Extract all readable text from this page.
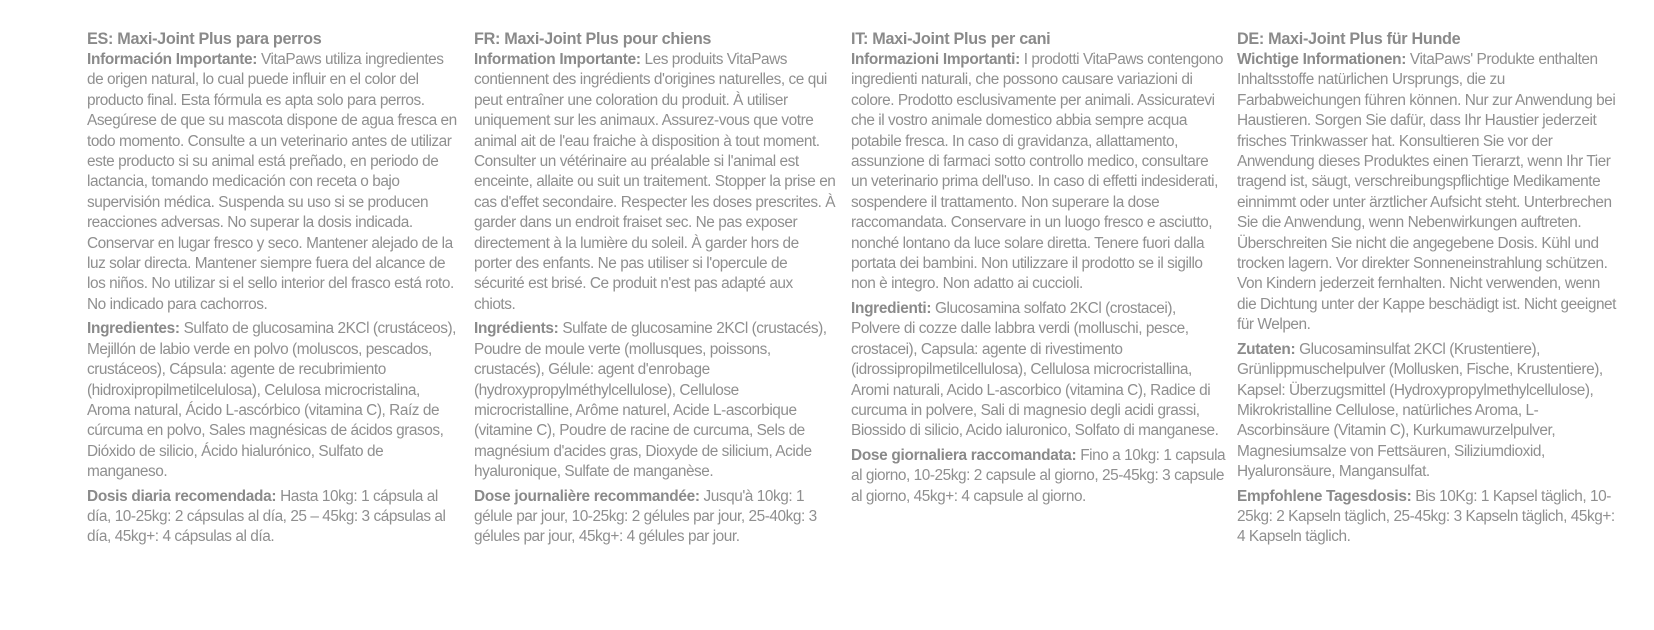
ES: Maxi-Joint Plus para perros

Información Importante: VitaPaws utiliza ingredientes de origen natural, lo cual puede influir en el color del producto final. Esta fórmula es apta solo para perros. Asegúrese de que su mascota dispone de agua fresca en todo momento. Consulte a un veterinario antes de utilizar este producto si su animal está preñado, en periodo de lactancia, tomando medicación con receta o bajo supervisión médica. Suspenda su uso si se producen reacciones adversas. No superar la dosis indicada. Conservar en lugar fresco y seco. Mantener alejado de la luz solar directa. Mantener siempre fuera del alcance de los niños. No utilizar si el sello interior del frasco está roto. No indicado para cachorros.

Ingredientes: Sulfato de glucosamina 2KCl (crustáceos), Mejillón de labio verde en polvo (moluscos, pescados, crustáceos), Cápsula: agente de recubrimiento (hidroxipropilmetilcelulosa), Celulosa microcristalina, Aroma natural, Ácido L-ascórbico (vitamina C), Raíz de cúrcuma en polvo, Sales magnésicas de ácidos grasos, Dióxido de silicio, Ácido hialurónico, Sulfato de manganeso.

Dosis diaria recomendada: Hasta 10kg: 1 cápsula al día, 10-25kg: 2 cápsulas al día, 25 – 45kg: 3 cápsulas al día, 45kg+: 4 cápsulas al día.

FR: Maxi-Joint Plus pour chiens

Information Importante: Les produits VitaPaws contiennent des ingrédients d'origines naturelles, ce qui peut entraîner une coloration du produit. À utiliser uniquement sur les animaux. Assurez-vous que votre animal ait de l'eau fraiche à disposition à tout moment. Consulter un vétérinaire au préalable si l'animal est enceinte, allaite ou suit un traitement. Stopper la prise en cas d'effet secondaire. Respecter les doses prescrites. À garder dans un endroit fraiset sec. Ne pas exposer directement à la lumière du soleil. À garder hors de porter des enfants. Ne pas utiliser si l'opercule de sécurité est brisé. Ce produit n'est pas adapté aux chiots.

Ingrédients: Sulfate de glucosamine 2KCl (crustacés), Poudre de moule verte (mollusques, poissons, crustacés), Gélule: agent d'enrobage (hydroxypropylméthylcellulose), Cellulose microcristalline, Arôme naturel, Acide L-ascorbique (vitamine C), Poudre de racine de curcuma, Sels de magnésium d'acides gras, Dioxyde de silicium, Acide hyaluronique, Sulfate de manganèse.

Dose journalière recommandée: Jusqu'à 10kg: 1 gélule par jour, 10-25kg: 2 gélules par jour, 25-40kg: 3 gélules par jour, 45kg+: 4 gélules par jour.

IT: Maxi-Joint Plus per cani

Informazioni Importanti: I prodotti VitaPaws contengono ingredienti naturali, che possono causare variazioni di colore. Prodotto esclusivamente per animali. Assicuratevi che il vostro animale domestico abbia sempre acqua potabile fresca. In caso di gravidanza, allattamento, assunzione di farmaci sotto controllo medico, consultare un veterinario prima dell'uso. In caso di effetti indesiderati, sospendere il trattamento. Non superare la dose raccomandata. Conservare in un luogo fresco e asciutto, nonché lontano da luce solare diretta. Tenere fuori dalla portata dei bambini. Non utilizzare il prodotto se il sigillo non è integro. Non adatto ai cuccioli.

Ingredienti: Glucosamina solfato 2KCl (crostacei), Polvere di cozze dalle labbra verdi (molluschi, pesce, crostacei), Capsula: agente di rivestimento (idrossipropilmetilcellulosa), Cellulosa microcristallina, Aromi naturali, Acido L-ascorbico (vitamina C), Radice di curcuma in polvere, Sali di magnesio degli acidi grassi, Biossido di silicio, Acido ialuronico, Solfato di manganese.

Dose giornaliera raccomandata: Fino a 10kg: 1 capsula al giorno, 10-25kg: 2 capsule al giorno, 25-45kg: 3 capsule al giorno, 45kg+: 4 capsule al giorno.

DE: Maxi-Joint Plus für Hunde

Wichtige Informationen: VitaPaws' Produkte enthalten Inhaltsstoffe natürlichen Ursprungs, die zu Farbabweichungen führen können. Nur zur Anwendung bei Haustieren. Sorgen Sie dafür, dass Ihr Haustier jederzeit frisches Trinkwasser hat. Konsultieren Sie vor der Anwendung dieses Produktes einen Tierarzt, wenn Ihr Tier tragend ist, säugt, verschreibungspflichtige Medikamente einnimmt oder unter ärztlicher Aufsicht steht. Unterbrechen Sie die Anwendung, wenn Nebenwirkungen auftreten. Überschreiten Sie nicht die angegebene Dosis. Kühl und trocken lagern. Vor direkter Sonneneinstrahlung schützen. Von Kindern jederzeit fernhalten. Nicht verwenden, wenn die Dichtung unter der Kappe beschädigt ist. Nicht geeignet für Welpen.

Zutaten: Glucosaminsulfat 2KCl (Krustentiere), Grünlippmuschelpulver (Mollusken, Fische, Krustentiere), Kapsel: Überzugsmittel (Hydroxypropylmethylcellulose), Mikrokristalline Cellulose, natürliches Aroma, L-Ascorbinsäure (Vitamin C), Kurkumawurzelpulver, Magnesiumsalze von Fettsäuren, Siliziumdioxid, Hyaluronsäure, Mangansulfat.

Empfohlene Tagesdosis: Bis 10Kg: 1 Kapsel täglich, 10-25kg: 2 Kapseln täglich, 25-45kg: 3 Kapseln täglich, 45kg+: 4 Kapseln täglich.
